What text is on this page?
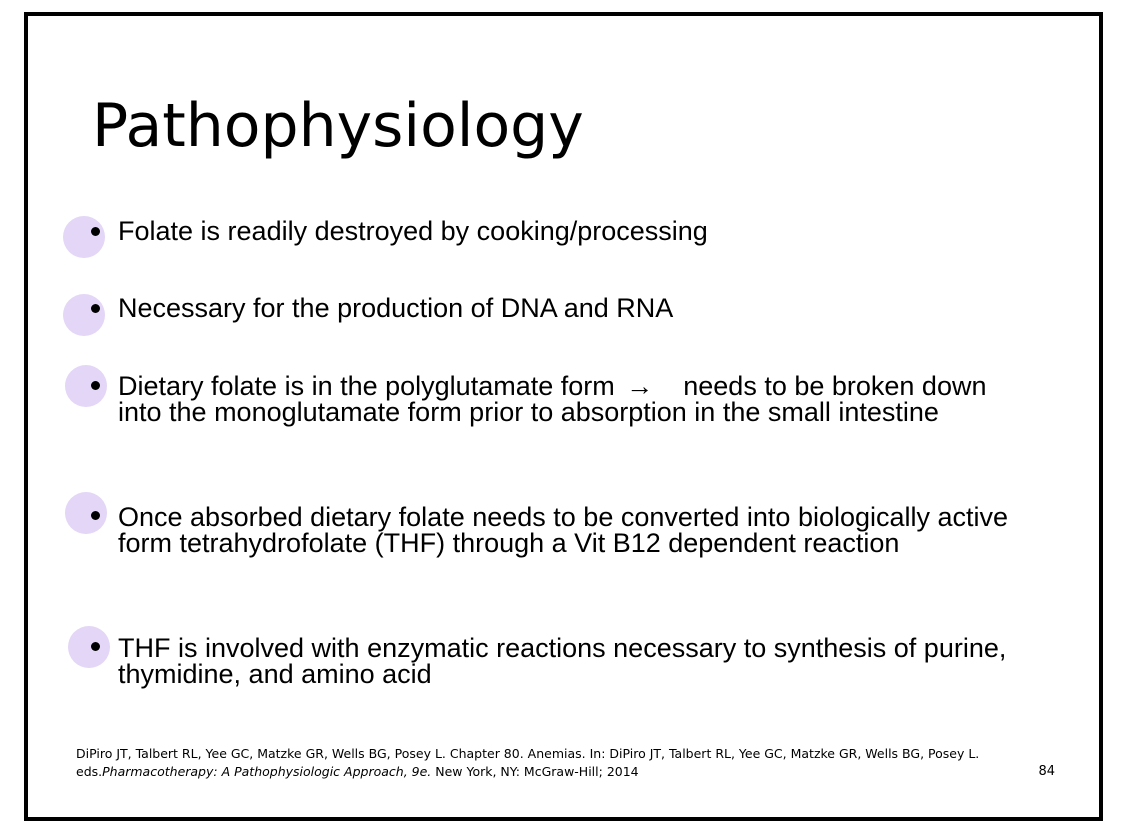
Pathophysiology
Folate is readily destroyed by cooking/processing
Necessary for the production of DNA and RNA
Dietary folate is in the polyglutamate form → needs to be broken down into the monoglutamate form prior to absorption in the small intestine
Once absorbed dietary folate needs to be converted into biologically active form tetrahydrofolate (THF) through a Vit B12 dependent reaction
THF is involved with enzymatic reactions necessary to synthesis of purine, thymidine, and amino acid
DiPiro JT, Talbert RL, Yee GC, Matzke GR, Wells BG, Posey L. Chapter 80. Anemias. In: DiPiro JT, Talbert RL, Yee GC, Matzke GR, Wells BG, Posey L. eds.Pharmacotherapy: A Pathophysiologic Approach, 9e. New York, NY: McGraw-Hill; 2014	84
